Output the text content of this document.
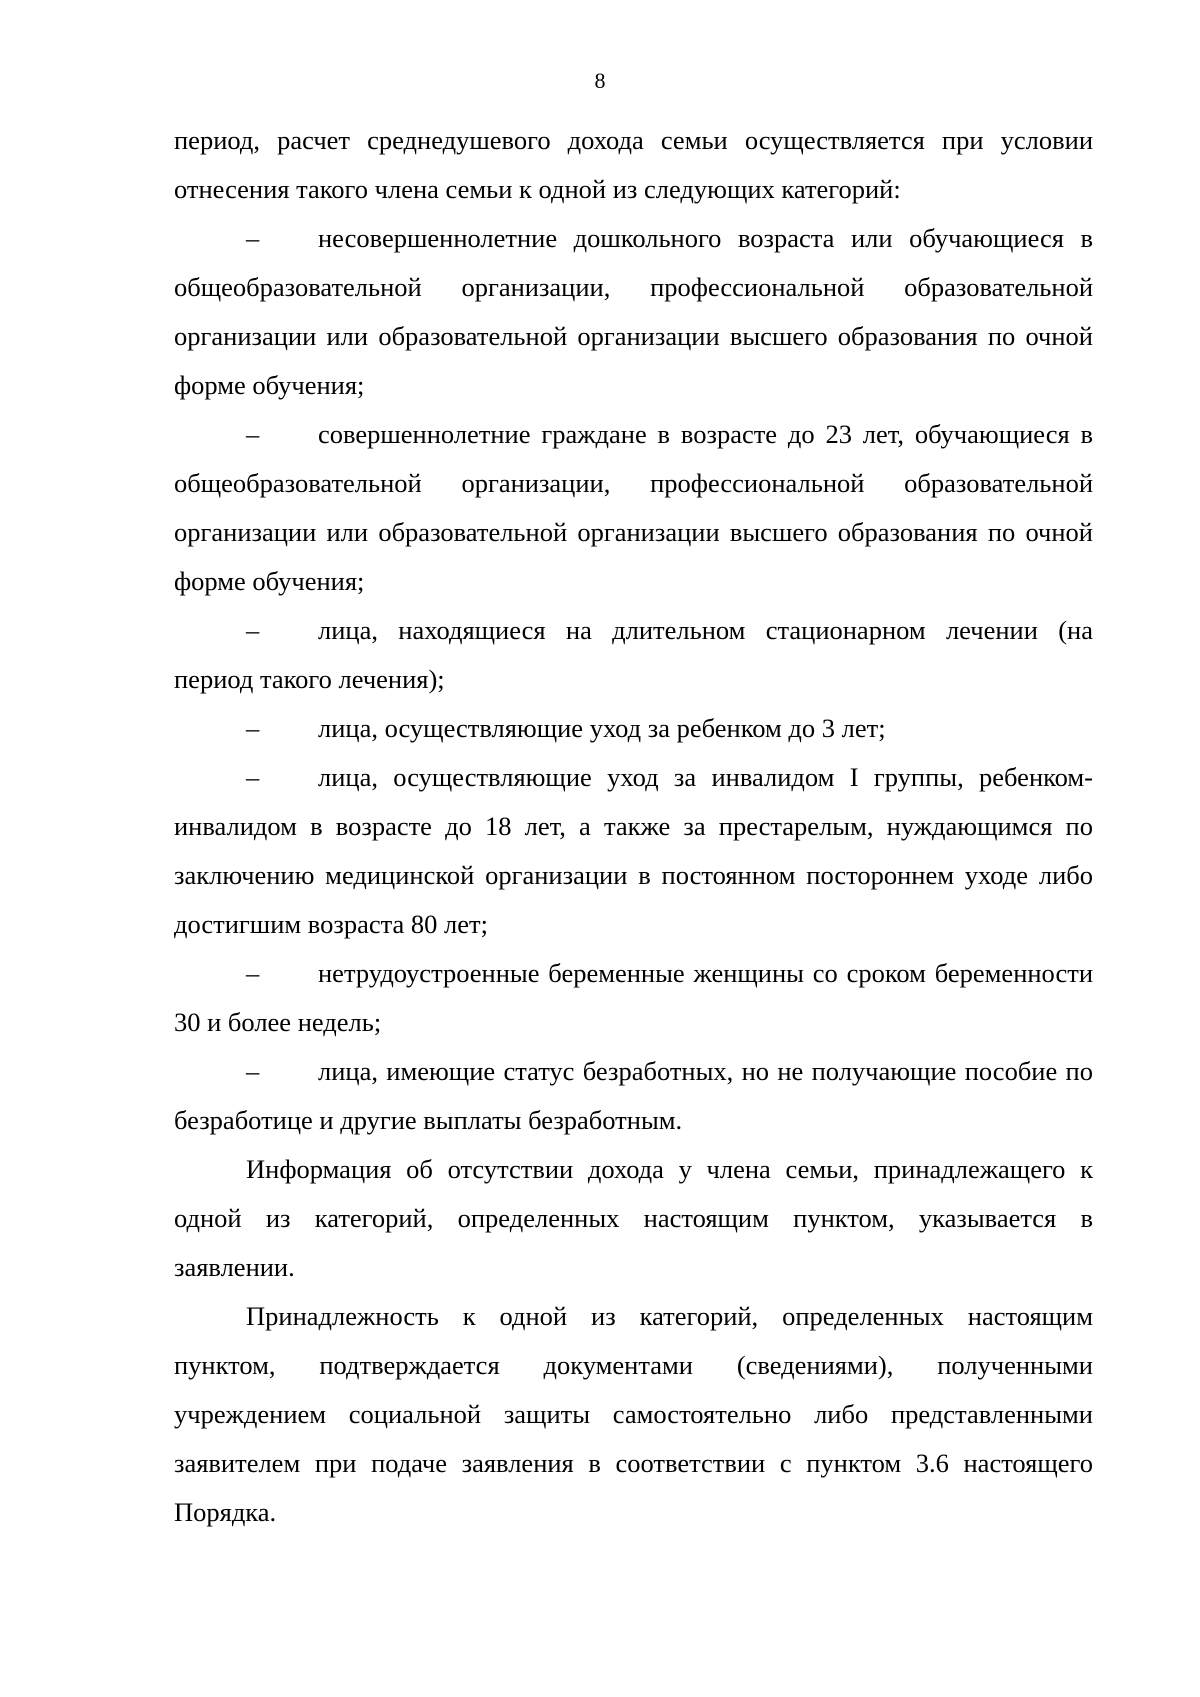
8

период, расчет среднедушевого дохода семьи осуществляется при условии отнесения такого члена семьи к одной из следующих категорий:

– несовершеннолетние дошкольного возраста или обучающиеся в общеобразовательной организации, профессиональной образовательной организации или образовательной организации высшего образования по очной форме обучения;

– совершеннолетние граждане в возрасте до 23 лет, обучающиеся в общеобразовательной организации, профессиональной образовательной организации или образовательной организации высшего образования по очной форме обучения;

– лица, находящиеся на длительном стационарном лечении (на период такого лечения);

– лица, осуществляющие уход за ребенком до 3 лет;

– лица, осуществляющие уход за инвалидом I группы, ребенком-инвалидом в возрасте до 18 лет, а также за престарелым, нуждающимся по заключению медицинской организации в постоянном постороннем уходе либо достигшим возраста 80 лет;

– нетрудоустроенные беременные женщины со сроком беременности 30 и более недель;

– лица, имеющие статус безработных, но не получающие пособие по безработице и другие выплаты безработным.

Информация об отсутствии дохода у члена семьи, принадлежащего к одной из категорий, определенных настоящим пунктом, указывается в заявлении.

Принадлежность к одной из категорий, определенных настоящим пунктом, подтверждается документами (сведениями), полученными учреждением социальной защиты самостоятельно либо представленными заявителем при подаче заявления в соответствии с пунктом 3.6 настоящего Порядка.
